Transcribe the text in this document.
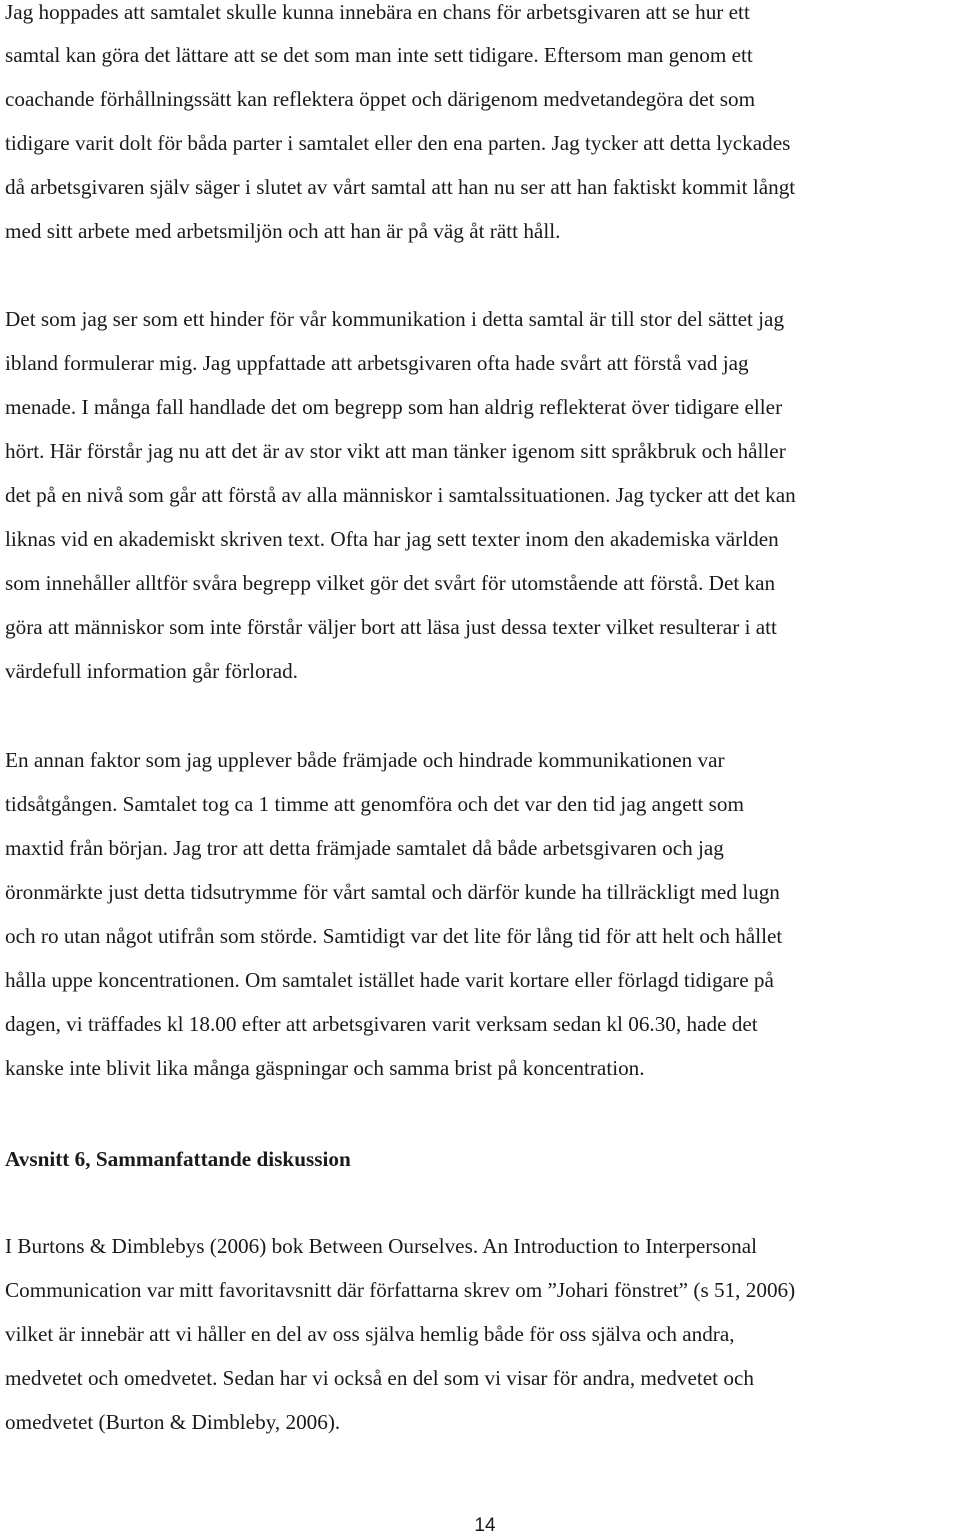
Jag hoppades att samtalet skulle kunna innebära en chans för arbetsgivaren att se hur ett
samtal kan göra det lättare att se det som man inte sett tidigare. Eftersom man genom ett
coachande förhållningssätt kan reflektera öppet och därigenom medvetandegöra det som
tidigare varit dolt för båda parter i samtalet eller den ena parten. Jag tycker att detta lyckades
då arbetsgivaren själv säger i slutet av vårt samtal att han nu ser att han faktiskt kommit långt
med sitt arbete med arbetsmiljön och att han är på väg åt rätt håll.
Det som jag ser som ett hinder för vår kommunikation i detta samtal är till stor del sättet jag
ibland formulerar mig. Jag uppfattade att arbetsgivaren ofta hade svårt att förstå vad jag
menade. I många fall handlade det om begrepp som han aldrig reflekterat över tidigare eller
hört. Här förstår jag nu att det är av stor vikt att man tänker igenom sitt språkbruk och håller
det på en nivå som går att förstå av alla människor i samtalssituationen. Jag tycker att det kan
liknas vid en akademiskt skriven text. Ofta har jag sett texter inom den akademiska världen
som innehåller alltför svåra begrepp vilket gör det svårt för utomstående att förstå. Det kan
göra att människor som inte förstår väljer bort att läsa just dessa texter vilket resulterar i att
värdefull information går förlorad.
En annan faktor som jag upplever både främjade och hindrade kommunikationen var
tidsåtgången. Samtalet tog ca 1 timme att genomföra och det var den tid jag angett som
maxtid från början. Jag tror att detta främjade samtalet då både arbetsgivaren och jag
öronmärkte just detta tidsutrymme för vårt samtal och därför kunde ha tillräckligt med lugn
och ro utan något utifrån som störde. Samtidigt var det lite för lång tid för att helt och hållet
hålla uppe koncentrationen. Om samtalet istället hade varit kortare eller förlagd tidigare på
dagen, vi träffades kl 18.00 efter att arbetsgivaren varit verksam sedan kl 06.30, hade det
kanske inte blivit lika många gäspningar och samma brist på koncentration.
Avsnitt 6, Sammanfattande diskussion
I Burtons & Dimblebys (2006) bok Between Ourselves. An Introduction to Interpersonal
Communication var mitt favoritavsnitt där författarna skrev om ”Johari fönstret” (s 51, 2006)
vilket är innebär att vi håller en del av oss själva hemlig både för oss själva och andra,
medvetet och omedvetet. Sedan har vi också en del som vi visar för andra, medvetet och
omedvetet (Burton & Dimbleby, 2006).
14
